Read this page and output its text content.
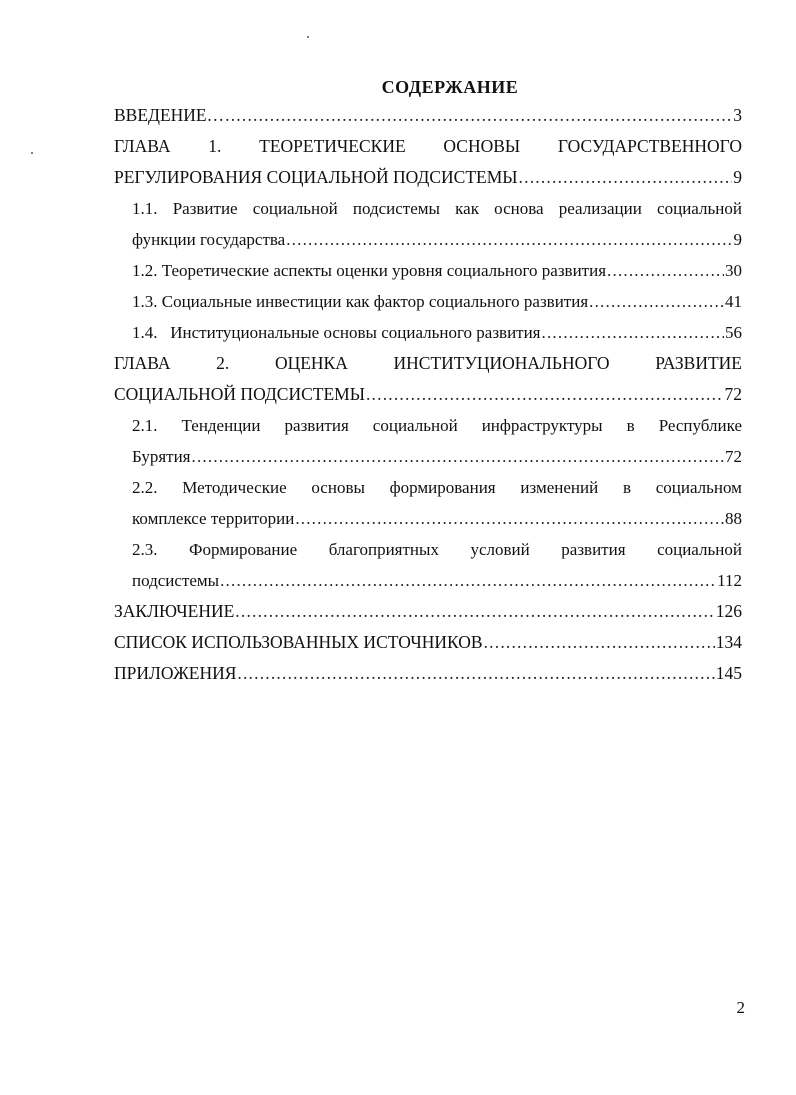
СОДЕРЖАНИЕ
ВВЕДЕНИЕ… .....	3
ГЛАВА 1. ТЕОРЕТИЧЕСКИЕ ОСНОВЫ ГОСУДАРСТВЕННОГО
РЕГУЛИРОВАНИЯ СОЦИАЛЬНОЙ ПОДСИСТЕМЫ .....	9
1.1. Развитие социальной подсистемы как основа реализации социальной
функции государства .....	9
1.2. Теоретические аспекты оценки уровня социального развития .....	30
1.3. Социальные инвестиции как фактор социального развития .....	41
1.4.   Институциональные основы социального развития .....	56
ГЛАВА	2.	ОЦЕНКА	ИНСТИТУЦИОНАЛЬНОГО	РАЗВИТИЕ
СОЦИАЛЬНОЙ ПОДСИСТЕМЫ .....	72
2.1. Тенденции развития социальной инфраструктуры в Республике
Бурятия .....	72
2.2. Методические основы формирования изменений в социальном
комплексе территории .....	88
2.3. Формирование благоприятных условий развития социальной
подсистемы .....	112
ЗАКЛЮЧЕНИЕ .....	126
СПИСОК ИСПОЛЬЗОВАННЫХ ИСТОЧНИКОВ .....	134
ПРИЛОЖЕНИЯ .....	145
2
